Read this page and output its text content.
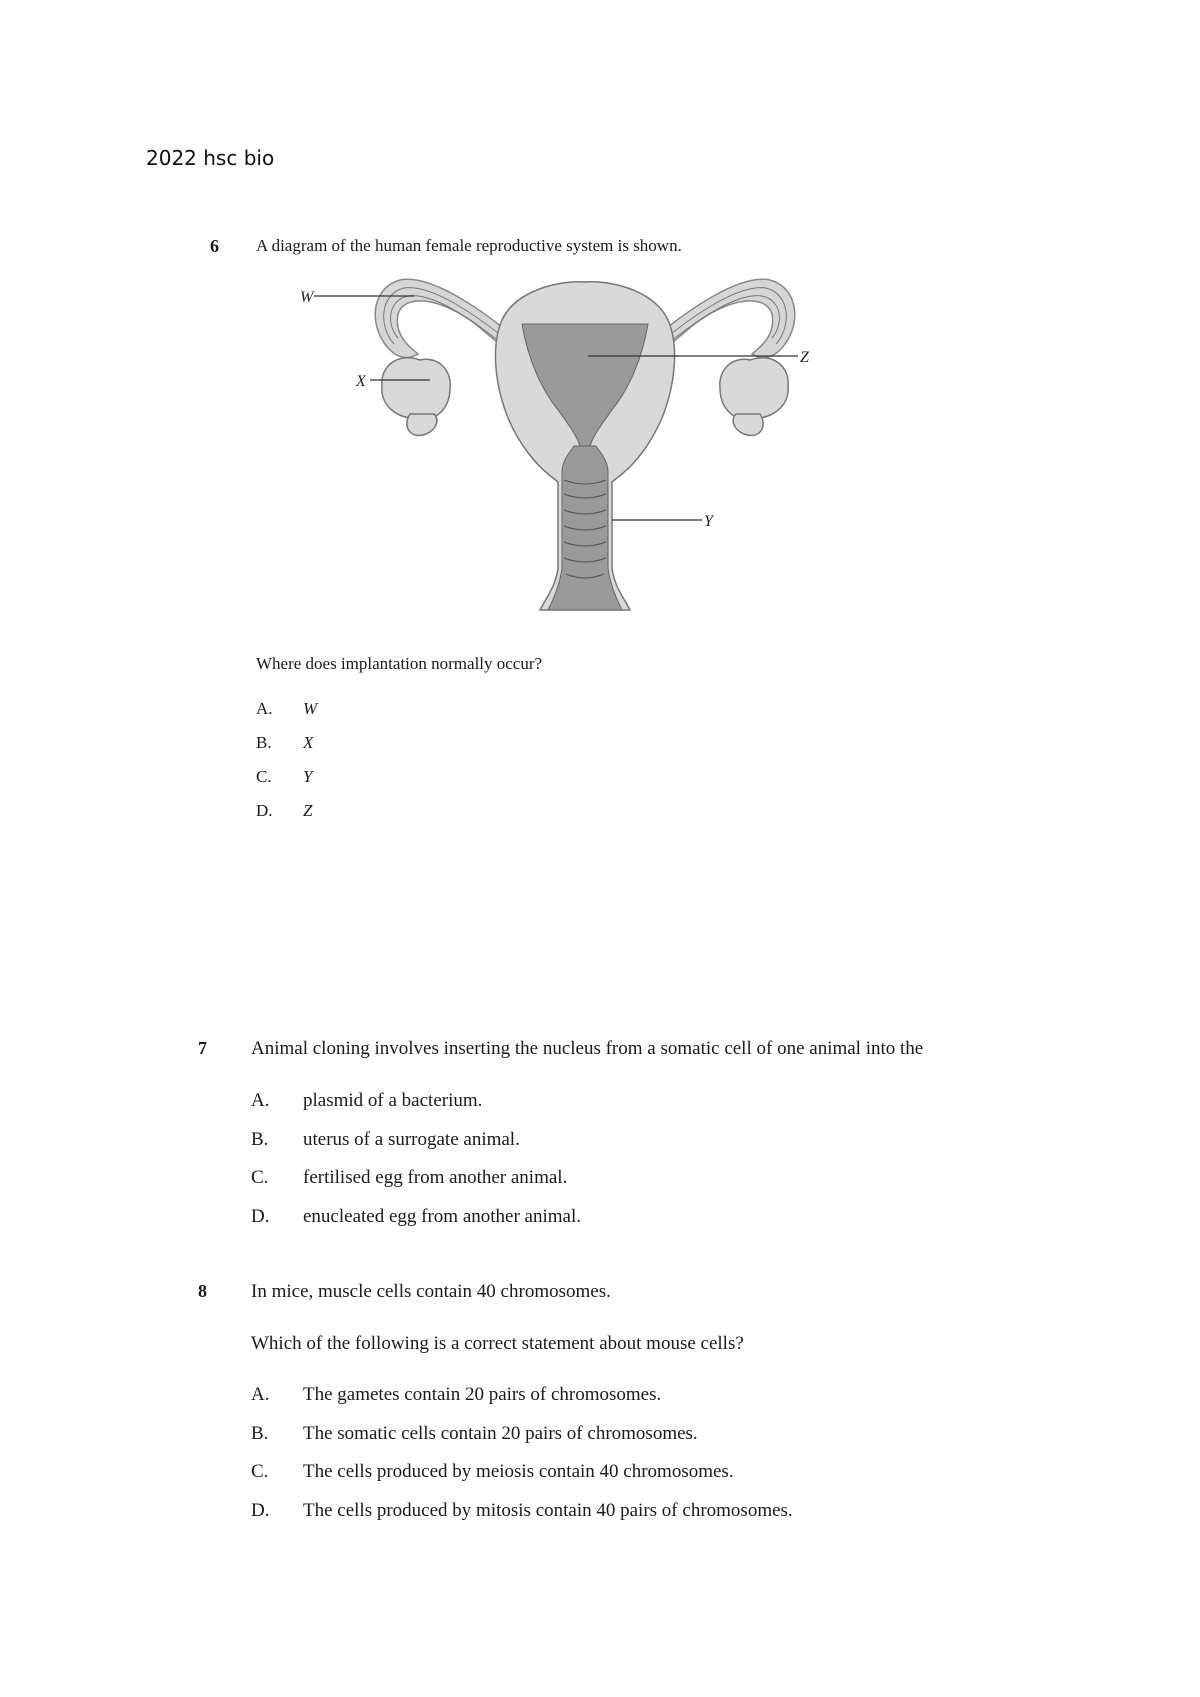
2022 hsc bio
6 A diagram of the human female reproductive system is shown.
W
X
Y
Z
Where does implantation normally occur?
A. W
B. X
C. Y
D. Z
7 Animal cloning involves inserting the nucleus from a somatic cell of one animal into the
A. plasmid of a bacterium.
B. uterus of a surrogate animal.
C. fertilised egg from another animal.
D. enucleated egg from another animal.
8 In mice, muscle cells contain 40 chromosomes.
Which of the following is a correct statement about mouse cells?
A. The gametes contain 20 pairs of chromosomes.
B. The somatic cells contain 20 pairs of chromosomes.
C. The cells produced by meiosis contain 40 chromosomes.
D. The cells produced by mitosis contain 40 pairs of chromosomes.
